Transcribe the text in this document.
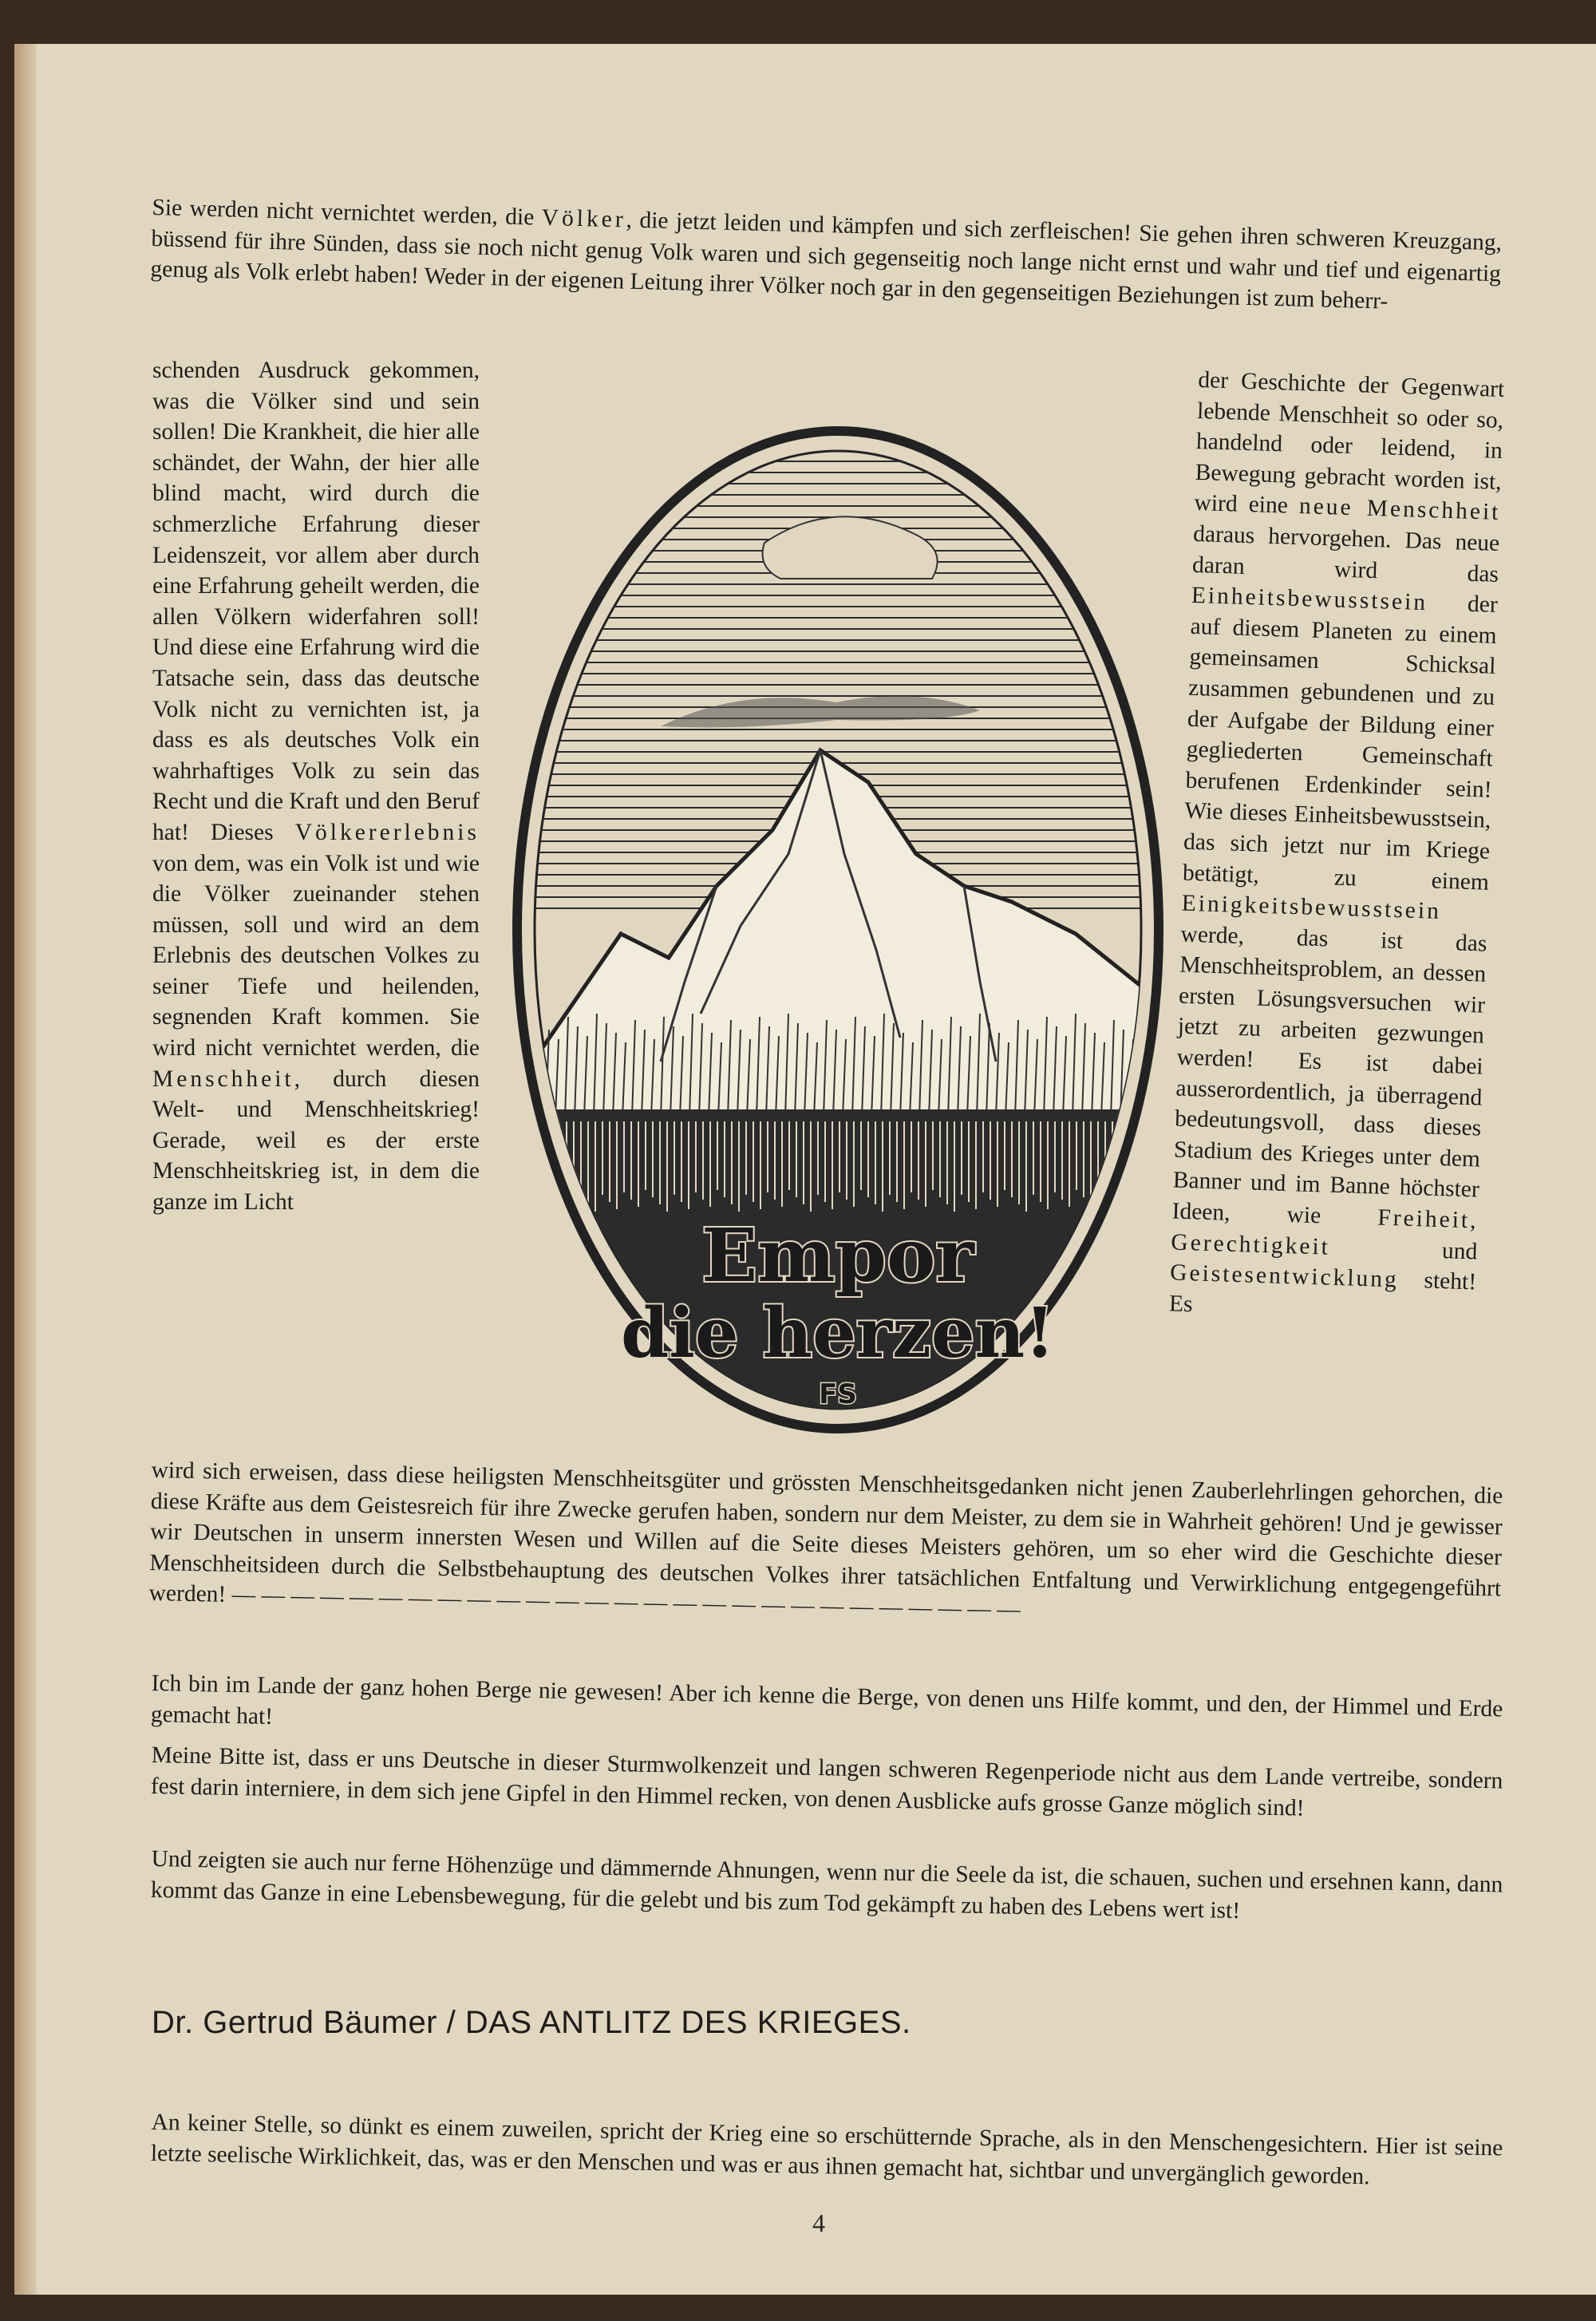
Sie werden nicht vernichtet werden, die Völker, die jetzt leiden und kämpfen und sich zerfleischen! Sie gehen ihren schweren Kreuzgang, büssend für ihre Sünden, dass sie noch nicht genug Volk waren und sich gegenseitig noch lange nicht ernst und wahr und tief und eigenartig genug als Volk erlebt haben! Weder in der eigenen Leitung ihrer Völker noch gar in den gegenseitigen Beziehungen ist zum beherr-

schenden Ausdruck gekommen, was die Völker sind und sein sollen! Die Krankheit, die hier alle schändet, der Wahn, der hier alle blind macht, wird durch die schmerzliche Erfahrung dieser Leidenszeit, vor allem aber durch eine Erfahrung geheilt werden, die allen Völkern widerfahren soll! Und diese eine Erfahrung wird die Tatsache sein, dass das deutsche Volk nicht zu vernichten ist, ja dass es als deutsches Volk ein wahrhaftiges Volk zu sein das Recht und die Kraft und den Beruf hat! Dieses Völkererlebnis von dem, was ein Volk ist und wie die Völker zueinander stehen müssen, soll und wird an dem Erlebnis des deutschen Volkes zu seiner Tiefe und heilenden, segnenden Kraft kommen. Sie wird nicht vernichtet werden, die Menschheit, durch diesen Welt- und Menschheitskrieg! Gerade, weil es der erste Menschheitskrieg ist, in dem die ganze im Licht

Empor
die herzen!
FS

der Geschichte der Gegenwart lebende Menschheit so oder so, handelnd oder leidend, in Bewegung gebracht worden ist, wird eine neue Menschheit daraus hervorgehen. Das neue daran wird das Einheitsbewusstsein der auf diesem Planeten zu einem gemeinsamen Schicksal zusammen gebundenen und zu der Aufgabe der Bildung einer gegliederten Gemeinschaft berufenen Erdenkinder sein! Wie dieses Einheitsbewusstsein, das sich jetzt nur im Kriege betätigt, zu einem Einigkeitsbewusstsein werde, das ist das Menschheitsproblem, an dessen ersten Lösungsversuchen wir jetzt zu arbeiten gezwungen werden! Es ist dabei ausserordentlich, ja überragend bedeutungsvoll, dass dieses Stadium des Krieges unter dem Banner und im Banne höchster Ideen, wie Freiheit, Gerechtigkeit und Geistesentwicklung steht! Es

wird sich erweisen, dass diese heiligsten Menschheitsgüter und grössten Menschheitsgedanken nicht jenen Zauberlehrlingen gehorchen, die diese Kräfte aus dem Geistesreich für ihre Zwecke gerufen haben, sondern nur dem Meister, zu dem sie in Wahrheit gehören! Und je gewisser wir Deutschen in unserm innersten Wesen und Willen auf die Seite dieses Meisters gehören, um so eher wird die Geschichte dieser Menschheitsideen durch die Selbstbehauptung des deutschen Volkes ihrer tatsächlichen Entfaltung und Verwirklichung entgegengeführt werden! — — — — — — — — — — — — — — — — — — — — — — — — — — —

Ich bin im Lande der ganz hohen Berge nie gewesen! Aber ich kenne die Berge, von denen uns Hilfe kommt, und den, der Himmel und Erde gemacht hat!

Meine Bitte ist, dass er uns Deutsche in dieser Sturmwolkenzeit und langen schweren Regenperiode nicht aus dem Lande vertreibe, sondern fest darin interniere, in dem sich jene Gipfel in den Himmel recken, von denen Ausblicke aufs grosse Ganze möglich sind!

Und zeigten sie auch nur ferne Höhenzüge und dämmernde Ahnungen, wenn nur die Seele da ist, die schauen, suchen und ersehnen kann, dann kommt das Ganze in eine Lebensbewegung, für die gelebt und bis zum Tod gekämpft zu haben des Lebens wert ist!

Dr. Gertrud Bäumer / DAS ANTLITZ DES KRIEGES.

An keiner Stelle, so dünkt es einem zuweilen, spricht der Krieg eine so erschütternde Sprache, als in den Menschengesichtern. Hier ist seine letzte seelische Wirklichkeit, das, was er den Menschen und was er aus ihnen gemacht hat, sichtbar und unvergänglich geworden.

4
